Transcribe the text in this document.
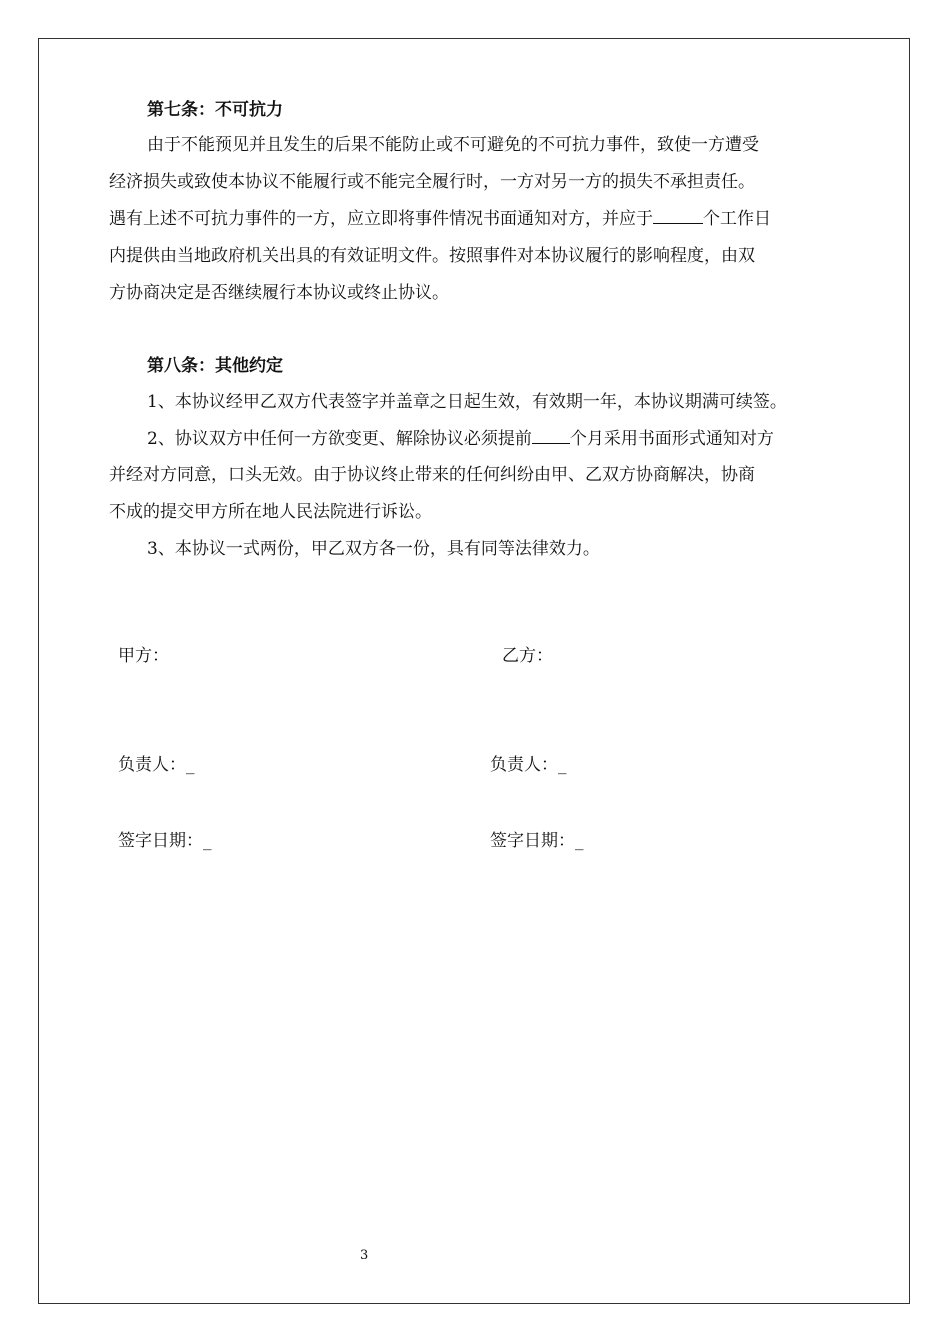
第七条：不可抗力
由于不能预见并且发生的后果不能防止或不可避免的不可抗力事件，致使一方遭受
经济损失或致使本协议不能履行或不能完全履行时，一方对另一方的损失不承担责任。
遇有上述不可抗力事件的一方，应立即将事件情况书面通知对方，并应于	个工作日
内提供由当地政府机关出具的有效证明文件。按照事件对本协议履行的影响程度，由双
方协商决定是否继续履行本协议或终止协议。
第八条：其他约定
1、本协议经甲乙双方代表签字并盖章之日起生效，有效期一年，本协议期满可续签。
2、协议双方中任何一方欲变更、解除协议必须提前 个月采用书面形式通知对方
并经对方同意，口头无效。由于协议终止带来的任何纠纷由甲、乙双方协商解决，协商
不成的提交甲方所在地人民法院进行诉讼。
3、本协议一式两份，甲乙双方各一份，具有同等法律效力。
甲方：	乙方：
负责人：_	负责人：_
签字日期：_	签字日期：_
3
